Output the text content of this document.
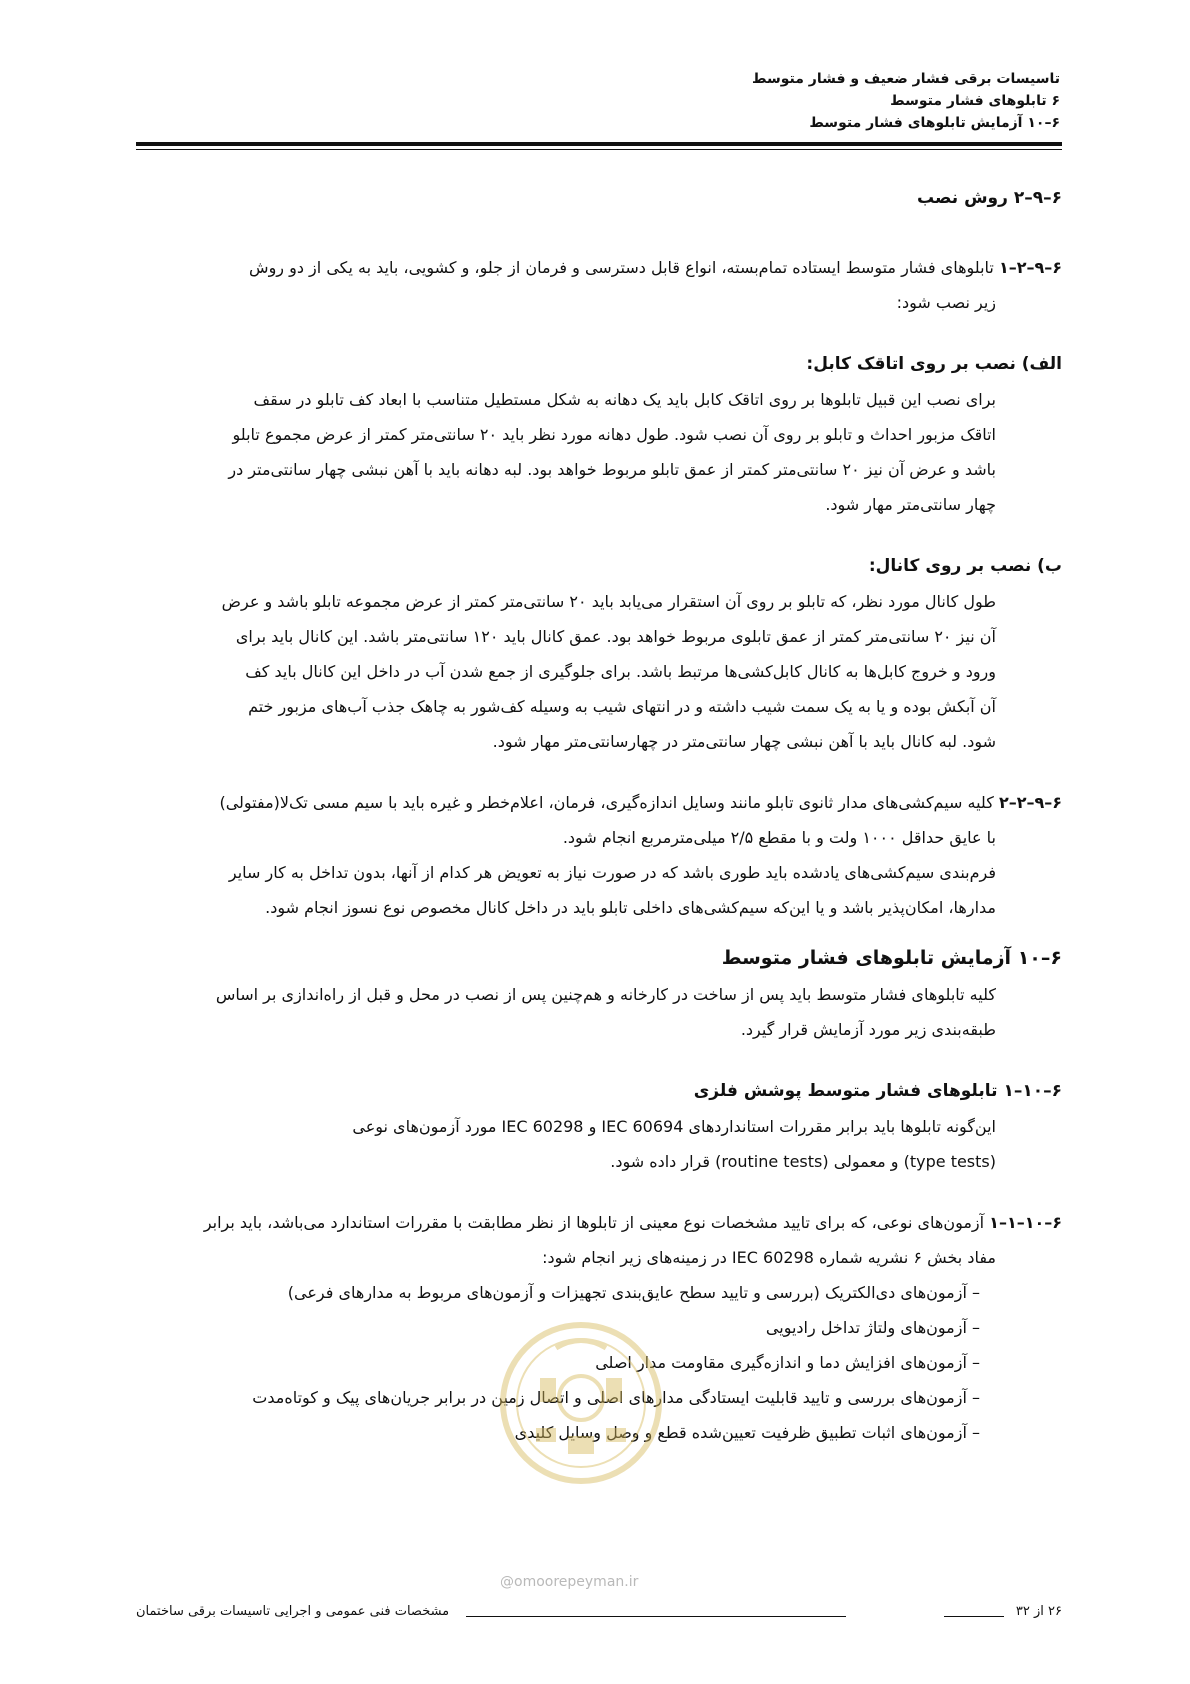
تاسیسات برقی فشار ضعیف و فشار متوسط
۶ تابلوهای فشار متوسط
۶–۱۰ آزمایش تابلوهای فشار متوسط
۶–۹–۲ روش نصب
۶–۹–۲–۱ تابلوهای فشار متوسط ایستاده تمام‌بسته، انواع قابل دسترسی و فرمان از جلو، و کشویی، باید به یکی از دو روش
زیر نصب شود:
الف) نصب بر روی اتاقک کابل:
برای نصب این قبیل تابلوها بر روی اتاقک کابل باید یک دهانه به شکل مستطیل متناسب با ابعاد کف تابلو در سقف
اتاقک مزبور احداث و تابلو بر روی آن نصب شود. طول دهانه مورد نظر باید ۲۰ سانتی‌متر کمتر از عرض مجموع تابلو
باشد و عرض آن نیز ۲۰ سانتی‌متر کمتر از عمق تابلو مربوط خواهد بود. لبه دهانه باید با آهن نبشی چهار سانتی‌متر در
چهار سانتی‌متر مهار شود.
ب) نصب بر روی کانال:
طول کانال مورد نظر، که تابلو بر روی آن استقرار می‌یابد باید ۲۰ سانتی‌متر کمتر از عرض مجموعه تابلو باشد و عرض
آن نیز ۲۰ سانتی‌متر کمتر از عمق تابلوی مربوط خواهد بود. عمق کانال باید ۱۲۰ سانتی‌متر باشد. این کانال باید برای
ورود و خروج کابل‌ها به کانال کابل‌کشی‌ها مرتبط باشد. برای جلوگیری از جمع شدن آب در داخل این کانال باید کف
آن آبکش بوده و یا به یک سمت شیب داشته و در انتهای شیب به وسیله کف‌شور به چاهک جذب آب‌های مزبور ختم
شود. لبه کانال باید با آهن نبشی چهار سانتی‌متر در چهارسانتی‌متر مهار شود.
۶–۹–۲–۲ کلیه سیم‌کشی‌های مدار ثانوی تابلو مانند وسایل اندازه‌گیری، فرمان، اعلام‌خطر و غیره باید با سیم مسی تک‌لا(مفتولی)
با عایق حداقل ۱۰۰۰ ولت و با مقطع ۲/۵ میلی‌مترمربع انجام شود.
فرم‌بندی سیم‌کشی‌های یادشده باید طوری باشد که در صورت نیاز به تعویض هر کدام از آنها، بدون تداخل به کار سایر
مدارها، امکان‌پذیر باشد و یا این‌که سیم‌کشی‌های داخلی تابلو باید در داخل کانال مخصوص نوع نسوز انجام شود.
۶–۱۰ آزمایش تابلوهای فشار متوسط
کلیه تابلوهای فشار متوسط باید پس از ساخت در کارخانه و هم‌چنین پس از نصب در محل و قبل از راه‌اندازی بر اساس
طبقه‌بندی زیر مورد آزمایش قرار گیرد.
۶–۱۰–۱ تابلوهای فشار متوسط پوشش فلزی
این‌گونه تابلوها باید برابر مقررات استانداردهای IEC 60694 و IEC 60298 مورد آزمون‌های نوعی
(type tests) و معمولی (routine tests) قرار داده شود.
۶–۱۰–۱–۱ آزمون‌های نوعی، که برای تایید مشخصات نوع معینی از تابلوها از نظر مطابقت با مقررات استاندارد می‌باشد، باید برابر
مفاد بخش ۶ نشریه شماره IEC 60298 در زمینه‌های زیر انجام شود:
– آزمون‌های دی‌الکتریک (بررسی و تایید سطح عایق‌بندی تجهیزات و آزمون‌های مربوط به مدارهای فرعی)
– آزمون‌های ولتاژ تداخل رادیویی
– آزمون‌های افزایش دما و اندازه‌گیری مقاومت مدار اصلی
– آزمون‌های بررسی و تایید قابلیت ایستادگی مدارهای اصلی و اتصال زمین در برابر جریان‌های پیک و کوتاه‌مدت
– آزمون‌های اثبات تطبیق ظرفیت تعیین‌شده قطع و وصل وسایل کلیدی
@omoorepeyman.ir
۲۶ از ۳۲
مشخصات فنی عمومی و اجرایی تاسیسات برقی ساختمان
